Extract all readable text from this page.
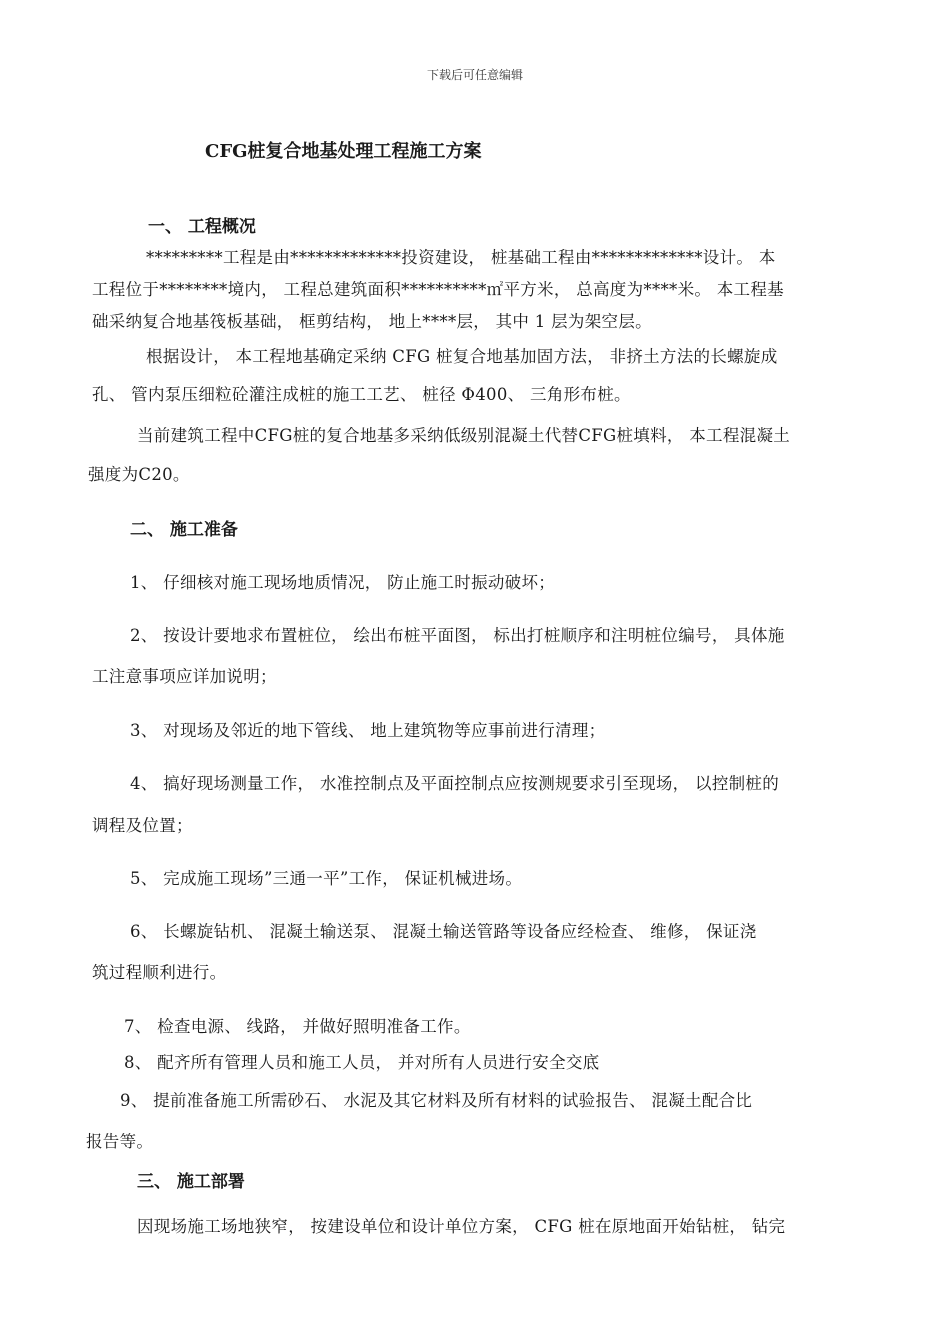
下载后可任意编辑
CFG桩复合地基处理工程施工方案
一、 工程概况
*********工程是由*************投资建设， 桩基础工程由*************设计。 本
工程位于********境内， 工程总建筑面积**********㎡平方米， 总高度为****米。 本工程基
础采纳复合地基筏板基础， 框剪结构， 地上****层， 其中 1 层为架空层。
根据设计， 本工程地基确定采纳 CFG 桩复合地基加固方法， 非挤土方法的长螺旋成
孔、 管内泵压细粒砼灌注成桩的施工工艺、 桩径 Φ400、 三角形布桩。
当前建筑工程中CFG桩的复合地基多采纳低级别混凝土代替CFG桩填料， 本工程混凝土
强度为C20。
二、 施工准备
1、 仔细核对施工现场地质情况， 防止施工时振动破坏；
2、 按设计要地求布置桩位， 绘出布桩平面图， 标出打桩顺序和注明桩位编号， 具体施
工注意事项应详加说明；
3、 对现场及邻近的地下管线、 地上建筑物等应事前进行清理；
4、 搞好现场测量工作， 水准控制点及平面控制点应按测规要求引至现场， 以控制桩的
调程及位置；
5、 完成施工现场”三通一平”工作， 保证机械进场。
6、 长螺旋钻机、 混凝土输送泵、 混凝土输送管路等设备应经检查、 维修， 保证浇
筑过程顺利进行。
7、 检查电源、 线路， 并做好照明准备工作。
8、 配齐所有管理人员和施工人员， 并对所有人员进行安全交底
9、 提前准备施工所需砂石、 水泥及其它材料及所有材料的试验报告、 混凝土配合比
报告等。
三、 施工部署
因现场施工场地狭窄， 按建设单位和设计单位方案， CFG 桩在原地面开始钻桩， 钻完
